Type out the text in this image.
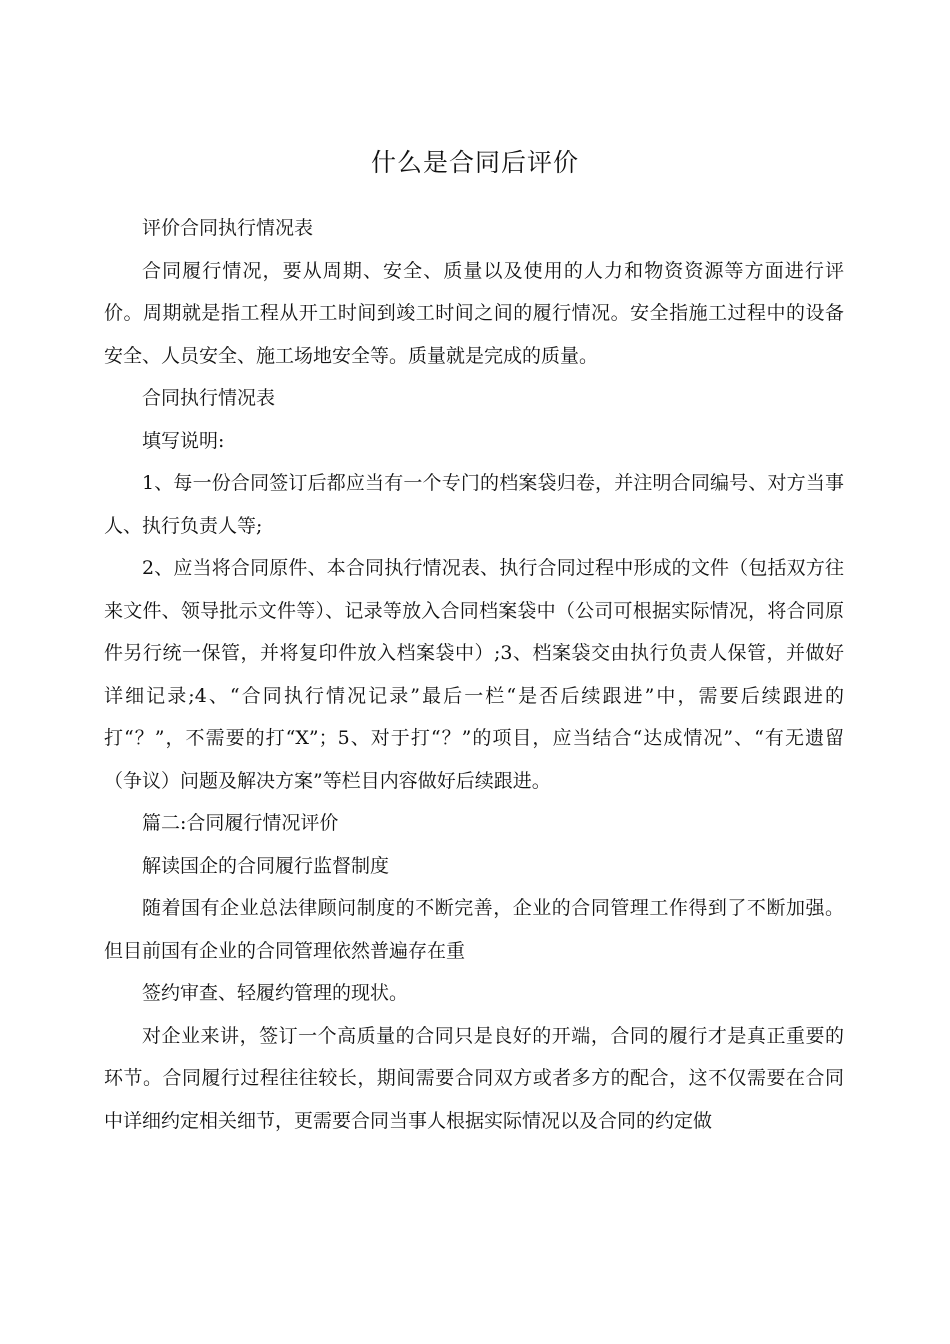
什么是合同后评价

评价合同执行情况表

合同履行情况，要从周期、安全、质量以及使用的人力和物资资源等方面进行评价。周期就是指工程从开工时间到竣工时间之间的履行情况。安全指施工过程中的设备安全、人员安全、施工场地安全等。质量就是完成的质量。

合同执行情况表

填写说明:

1、每一份合同签订后都应当有一个专门的档案袋归卷，并注明合同编号、对方当事人、执行负责人等;

2、应当将合同原件、本合同执行情况表、执行合同过程中形成的文件（包括双方往来文件、领导批示文件等）、记录等放入合同档案袋中（公司可根据实际情况，将合同原件另行统一保管，并将复印件放入档案袋中）;3、档案袋交由执行负责人保管，并做好详细记录;4、“合同执行情况记录”最后一栏“是否后续跟进”中，需要后续跟进的打“？”，不需要的打“X”；5、对于打“？”的项目，应当结合“达成情况”、“有无遗留（争议）问题及解决方案”等栏目内容做好后续跟进。

篇二:合同履行情况评价

解读国企的合同履行监督制度

随着国有企业总法律顾问制度的不断完善，企业的合同管理工作得到了不断加强。但目前国有企业的合同管理依然普遍存在重

签约审查、轻履约管理的现状。

对企业来讲，签订一个高质量的合同只是良好的开端，合同的履行才是真正重要的环节。合同履行过程往往较长，期间需要合同双方或者多方的配合，这不仅需要在合同中详细约定相关细节，更需要合同当事人根据实际情况以及合同的约定做
